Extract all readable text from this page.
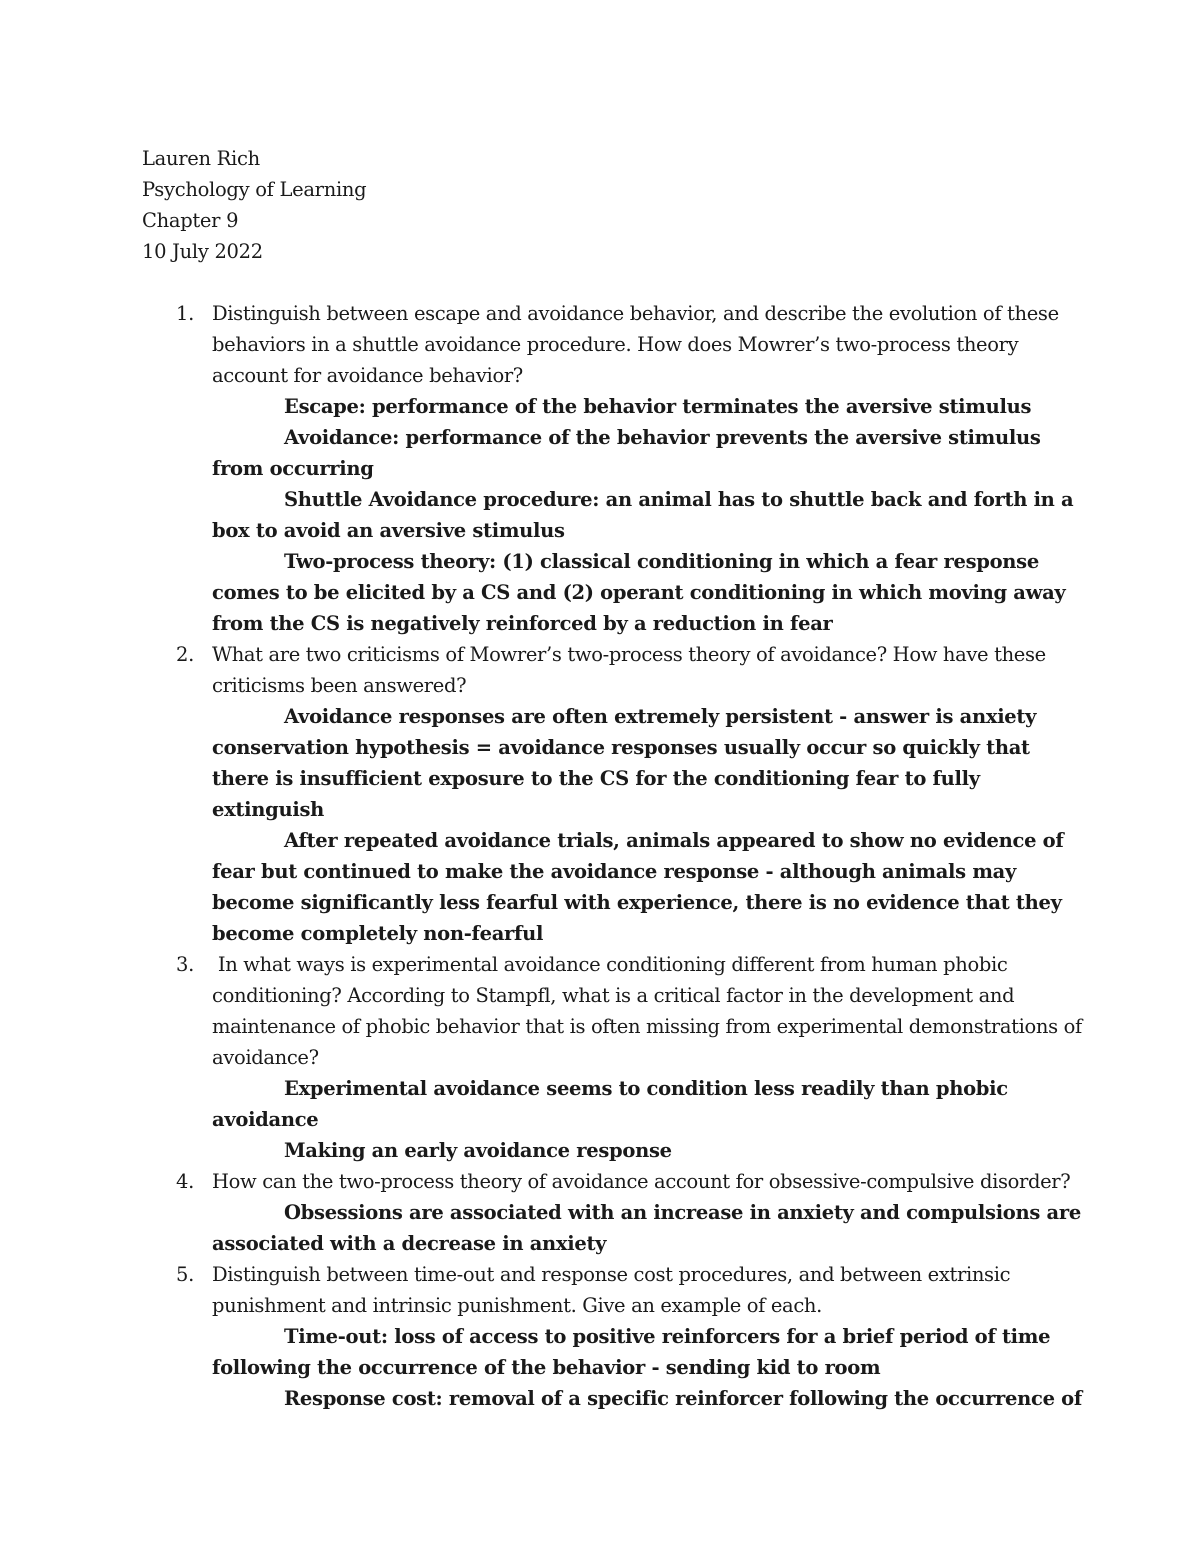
Lauren Rich
Psychology of Learning
Chapter 9
10 July 2022
1. Distinguish between escape and avoidance behavior, and describe the evolution of these behaviors in a shuttle avoidance procedure. How does Mowrer’s two-process theory account for avoidance behavior?

Escape: performance of the behavior terminates the aversive stimulus

Avoidance: performance of the behavior prevents the aversive stimulus from occurring

Shuttle Avoidance procedure: an animal has to shuttle back and forth in a box to avoid an aversive stimulus

Two-process theory: (1) classical conditioning in which a fear response comes to be elicited by a CS and (2) operant conditioning in which moving away from the CS is negatively reinforced by a reduction in fear

2. What are two criticisms of Mowrer’s two-process theory of avoidance? How have these criticisms been answered?

Avoidance responses are often extremely persistent - answer is anxiety conservation hypothesis = avoidance responses usually occur so quickly that there is insufficient exposure to the CS for the conditioning fear to fully extinguish

After repeated avoidance trials, animals appeared to show no evidence of fear but continued to make the avoidance response - although animals may become significantly less fearful with experience, there is no evidence that they become completely non-fearful

3. In what ways is experimental avoidance conditioning different from human phobic conditioning? According to Stampfl, what is a critical factor in the development and maintenance of phobic behavior that is often missing from experimental demonstrations of avoidance?

Experimental avoidance seems to condition less readily than phobic avoidance

Making an early avoidance response

4. How can the two-process theory of avoidance account for obsessive-compulsive disorder?

Obsessions are associated with an increase in anxiety and compulsions are associated with a decrease in anxiety

5. Distinguish between time-out and response cost procedures, and between extrinsic punishment and intrinsic punishment. Give an example of each.

Time-out: loss of access to positive reinforcers for a brief period of time following the occurrence of the behavior - sending kid to room

Response cost: removal of a specific reinforcer following the occurrence of
